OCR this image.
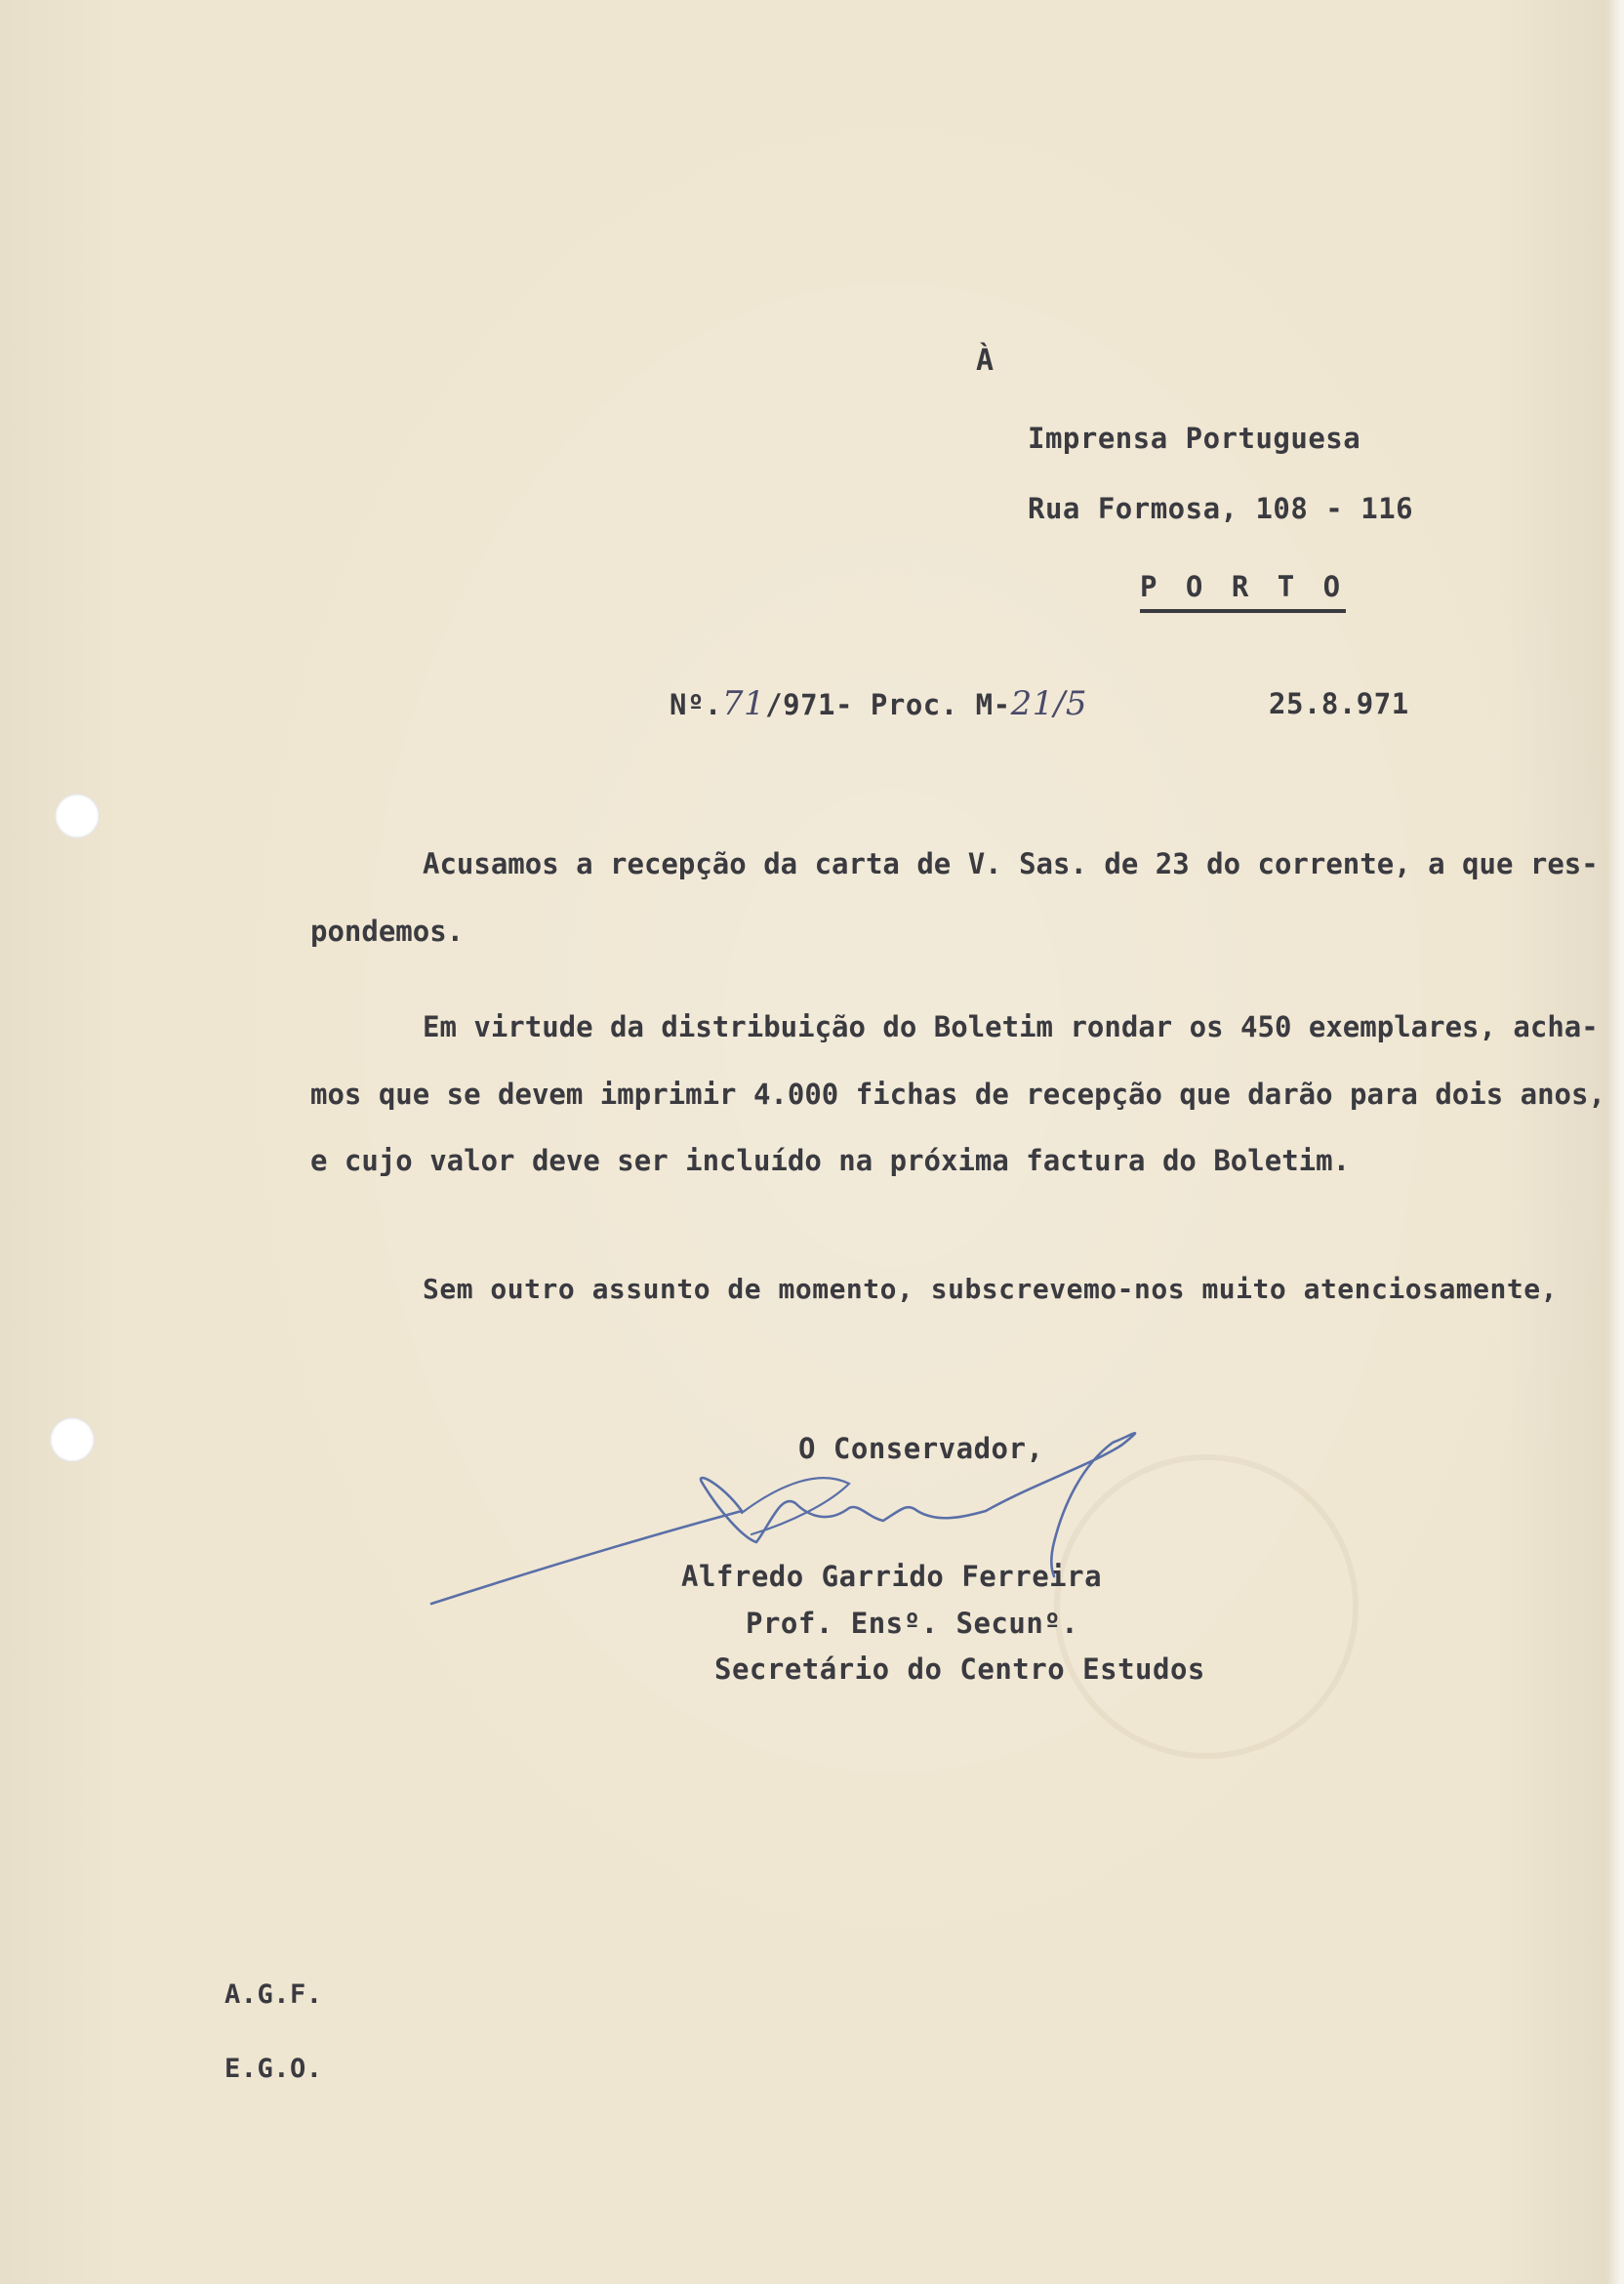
À
Imprensa Portuguesa
Rua Formosa, 108 - 116
P O R T O
Nº.71/971- Proc. M-21/5	25.8.971
Acusamos a recepção da carta de V. Sas. de 23 do corrente, a que res-
pondemos.
Em virtude da distribuição do Boletim rondar os 450 exemplares, acha-
mos que se devem imprimir 4.000 fichas de recepção que darão para dois anos,
e cujo valor deve ser incluído na próxima factura do Boletim.
Sem outro assunto de momento, subscrevemo-nos muito atenciosamente,
O Conservador,
Alfredo Garrido Ferreira
Prof. Ensº. Secunº.
Secretário do Centro Estudos
A.G.F.
E.G.O.
